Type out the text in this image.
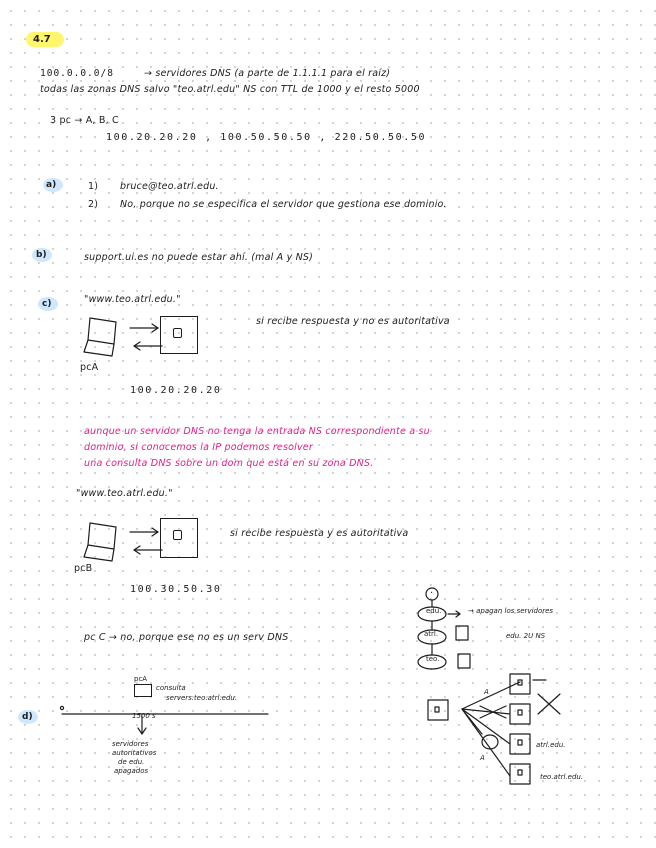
4.7
100.0.0.0/8	→ servidores DNS (a parte de 1.1.1.1 para el raíz)
todas las zonas DNS salvo "teo.atrl.edu" NS con TTL de 1000 y el resto 5000
3 pc → A, B, C
100.20.20.20 , 100.50.50.50 , 220.50.50.50
a)	1) bruce@teo.atrl.edu.
2) No, porque no se especifica el servidor que gestiona ese dominio.
b)	support.ui.es no puede estar ahí. (mal A y NS)
c)	"www.teo.atrl.edu."
si recibe respuesta y no es autoritativa
pcA
100.20.20.20
aunque un servidor DNS no tenga la entrada NS correspondiente a su
dominio, si conocemos la IP podemos resolver
una consulta DNS sobre un dom que está en su zona DNS.
"www.teo.atrl.edu."
si recibe respuesta y es autoritativa
pcB
100.30.50.30
pc C → no, porque ese no es un serv DNS
d)
pcA
consulta
servers.teo.atrl.edu.
1500 s
servidores
autoritativos
de edu.
apagados
edu.
atrl.
teo.
·
→ apagan los servidores
edu. 2U NS
atrl.edu.
teo.atrl.edu.
A
A
